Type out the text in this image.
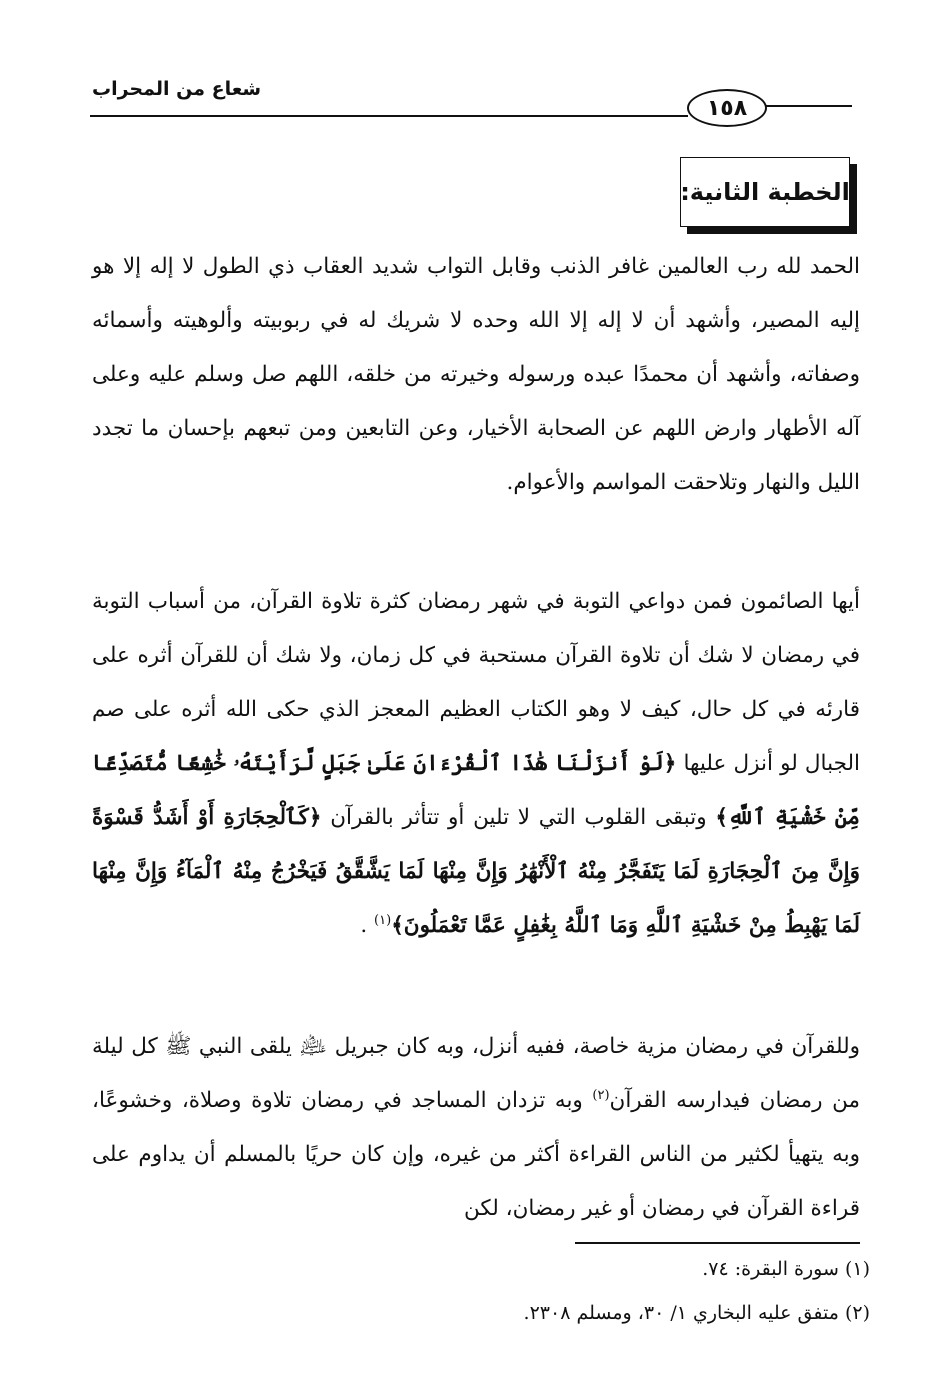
شعاع من المحراب
١٥٨
الخطبة الثانية:
الحمد لله رب العالمين غافر الذنب وقابل التواب شديد العقاب ذي الطول لا إله إلا هو إليه المصير، وأشهد أن لا إله إلا الله وحده لا شريك له في ربوبيته وألوهيته وأسمائه وصفاته، وأشهد أن محمدًا عبده ورسوله وخيرته من خلقه، اللهم صل وسلم عليه وعلى آله الأطهار وارض اللهم عن الصحابة الأخيار، وعن التابعين ومن تبعهم بإحسان ما تجدد الليل والنهار وتلاحقت المواسم والأعوام.
أيها الصائمون فمن دواعي التوبة في شهر رمضان كثرة تلاوة القرآن، من أسباب التوبة في رمضان لا شك أن تلاوة القرآن مستحبة في كل زمان، ولا شك أن للقرآن أثره على قارئه في كل حال، كيف لا وهو الكتاب العظيم المعجز الذي حكى الله أثره على صم الجبال لو أنزل عليها ﴿لَوْ أَنزَلْنَا هَٰذَا ٱلْقُرْءَانَ عَلَىٰ جَبَلٍ لَّرَأَيْتَهُۥ خَٰشِعًا مُّتَصَدِّعًا مِّنْ خَشْيَةِ ٱللَّهِ﴾ وتبقى القلوب التي لا تلين أو تتأثر بالقرآن ﴿كَٱلْحِجَارَةِ أَوْ أَشَدُّ قَسْوَةً وَإِنَّ مِنَ ٱلْحِجَارَةِ لَمَا يَتَفَجَّرُ مِنْهُ ٱلْأَنْهَٰرُ وَإِنَّ مِنْهَا لَمَا يَشَّقَّقُ فَيَخْرُجُ مِنْهُ ٱلْمَآءُ وَإِنَّ مِنْهَا لَمَا يَهْبِطُ مِنْ خَشْيَةِ ٱللَّهِ وَمَا ٱللَّهُ بِغَٰفِلٍ عَمَّا تَعْمَلُونَ﴾$^{(١)}$ .
وللقرآن في رمضان مزية خاصة، ففيه أنزل، وبه كان جبريل ﵇ يلقى النبي ﷺ كل ليلة من رمضان فيدارسه القرآن$^{(٢)}$ وبه تزدان المساجد في رمضان تلاوة وصلاة، وخشوعًا، وبه يتهيأ لكثير من الناس القراءة أكثر من غيره، وإن كان حريًا بالمسلم أن يداوم على قراءة القرآن في رمضان أو غير رمضان، لكن
(١) سورة البقرة: ٧٤.
(٢) متفق عليه البخاري ١/ ٣٠، ومسلم ٢٣٠٨.
